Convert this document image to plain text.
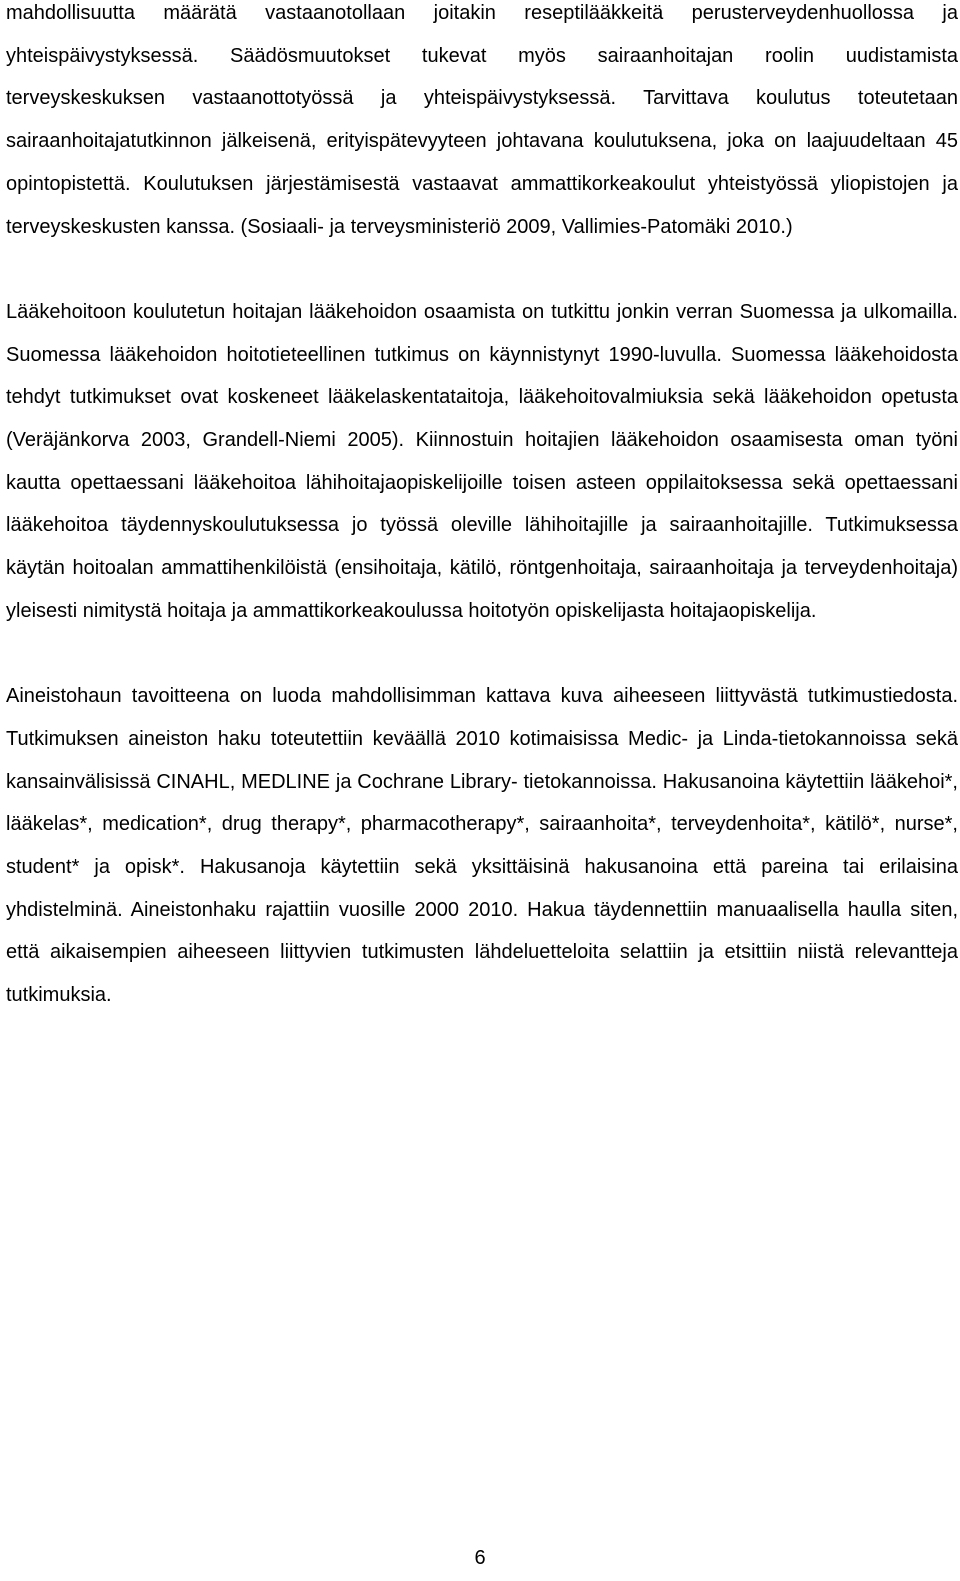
mahdollisuutta määrätä vastaanotollaan joitakin reseptilääkkeitä perusterveydenhuollossa ja yhteispäivystyksessä. Säädösmuutokset tukevat myös sairaanhoitajan roolin uudistamista terveyskeskuksen vastaanottotyössä ja yhteispäivystyksessä. Tarvittava koulutus toteutetaan sairaanhoitajatutkinnon jälkeisenä, erityispätevyyteen johtavana koulutuksena, joka on laajuudeltaan 45 opintopistettä. Koulutuksen järjestämisestä vastaavat ammattikorkeakoulut yhteistyössä yliopistojen ja terveyskeskusten kanssa. (Sosiaali- ja terveysministeriö 2009, Vallimies-Patomäki 2010.)

Lääkehoitoon koulutetun hoitajan lääkehoidon osaamista on tutkittu jonkin verran Suomessa ja ulkomailla. Suomessa lääkehoidon hoitotieteellinen tutkimus on käynnistynyt 1990-luvulla. Suomessa lääkehoidosta tehdyt tutkimukset ovat koskeneet lääkelaskentataitoja, lääkehoitovalmiuksia sekä lääkehoidon opetusta (Veräjänkorva 2003, Grandell-Niemi 2005). Kiinnostuin hoitajien lääkehoidon osaamisesta oman työni kautta opettaessani lääkehoitoa lähihoitajaopiskelijoille toisen asteen oppilaitoksessa sekä opettaessani lääkehoitoa täydennyskoulutuksessa jo työssä oleville lähihoitajille ja sairaanhoitajille. Tutkimuksessa käytän hoitoalan ammattihenkilöistä (ensihoitaja, kätilö, röntgenhoitaja, sairaanhoitaja ja terveydenhoitaja) yleisesti nimitystä hoitaja ja ammattikorkeakoulussa hoitotyön opiskelijasta hoitajaopiskelija.

Aineistohaun tavoitteena on luoda mahdollisimman kattava kuva aiheeseen liittyvästä tutkimustiedosta. Tutkimuksen aineiston haku toteutettiin keväällä 2010 kotimaisissa Medic- ja Linda-tietokannoissa sekä kansainvälisissä CINAHL, MEDLINE ja Cochrane Library- tietokannoissa. Hakusanoina käytettiin lääkehoi*, lääkelas*, medication*, drug therapy*, pharmacotherapy*, sairaanhoita*, terveydenhoita*, kätilö*, nurse*, student* ja opisk*. Hakusanoja käytettiin sekä yksittäisinä hakusanoina että pareina tai erilaisina yhdistelminä. Aineistonhaku rajattiin vuosille 2000 2010. Hakua täydennettiin manuaalisella haulla siten, että aikaisempien aiheeseen liittyvien tutkimusten lähdeluetteloita selattiin ja etsittiin niistä relevantteja tutkimuksia.

6
